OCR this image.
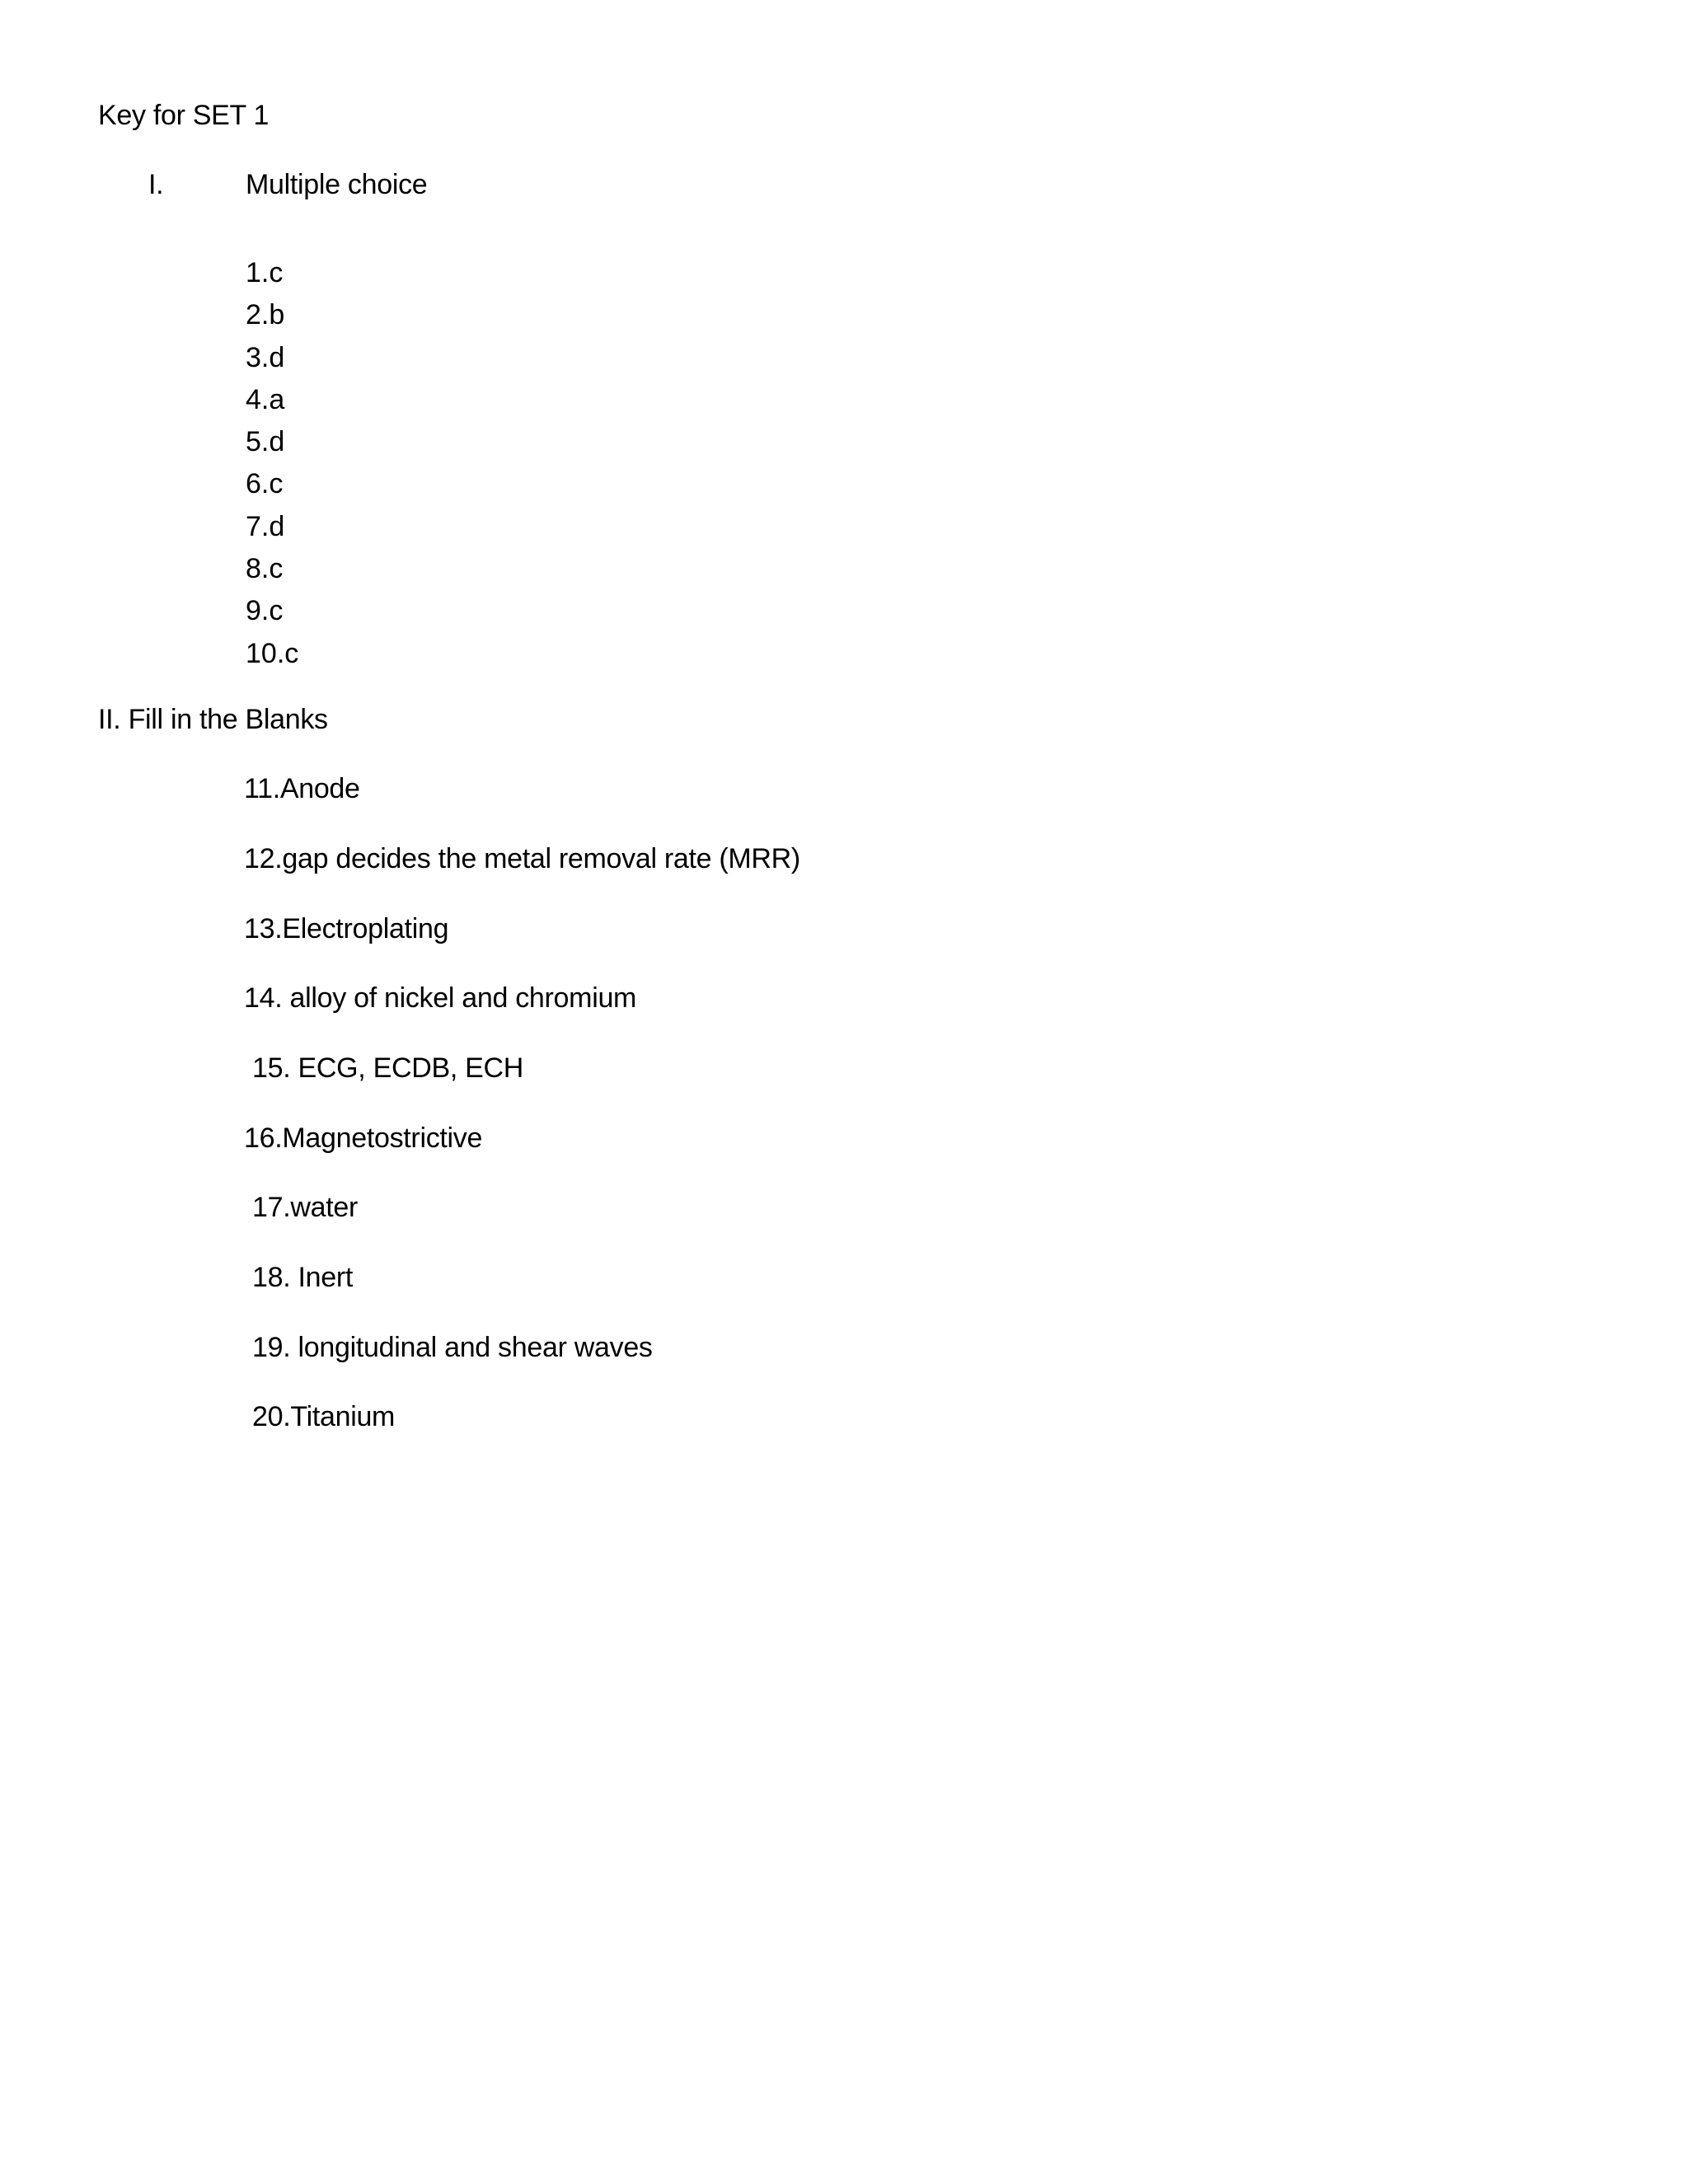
Key for SET 1
I.	Multiple choice
1.c
2.b
3.d
4.a
5.d
6.c
7.d
8.c
9.c
10.c
II. Fill in the Blanks
11.Anode
12.gap decides the metal removal rate (MRR)
13.Electroplating
14. alloy of nickel and chromium
15. ECG, ECDB, ECH
16.Magnetostrictive
17.water
18. Inert
19. longitudinal and shear waves
20.Titanium
